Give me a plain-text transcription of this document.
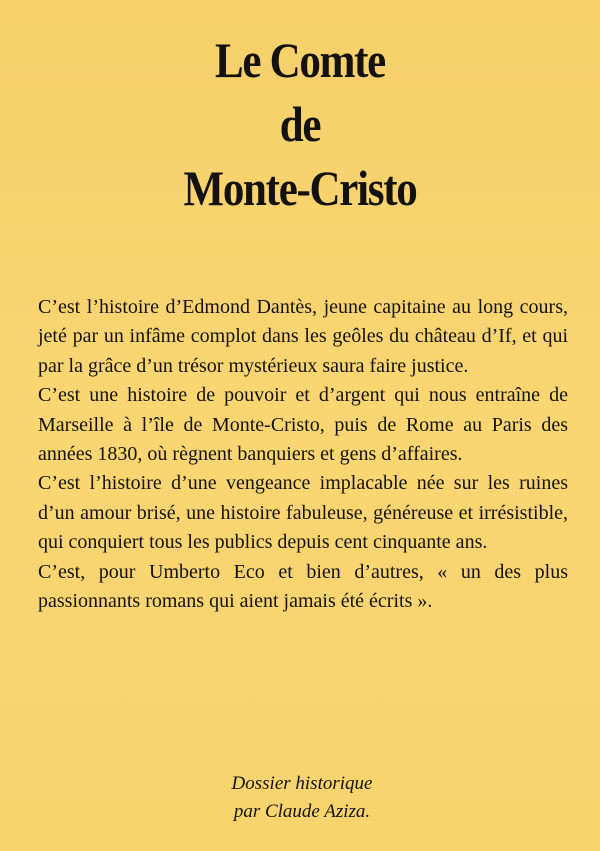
Le Comte
de
Monte-Cristo

C’est l’histoire d’Edmond Dantès, jeune capitaine au long cours, jeté par un infâme complot dans les geôles du château d’If, et qui par la grâce d’un trésor mystérieux saura faire justice.

C’est une histoire de pouvoir et d’argent qui nous entraîne de Marseille à l’île de Monte-Cristo, puis de Rome au Paris des années 1830, où règnent banquiers et gens d’affaires.

C’est l’histoire d’une vengeance implacable née sur les ruines d’un amour brisé, une histoire fabuleuse, généreuse et irrésistible, qui conquiert tous les publics depuis cent cinquante ans.

C’est, pour Umberto Eco et bien d’autres, « un des plus passionnants romans qui aient jamais été écrits ».

Dossier historique
par Claude Aziza.
